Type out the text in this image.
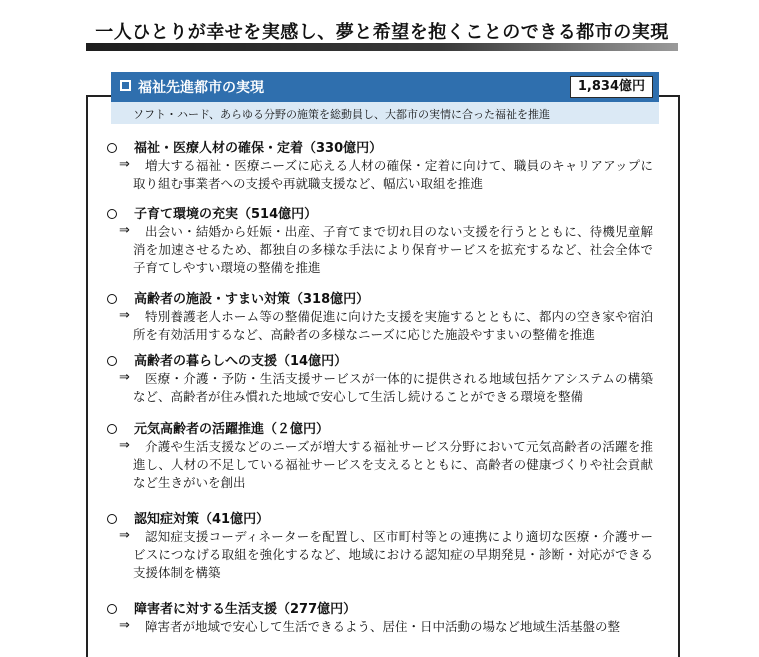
一人ひとりが幸せを実感し、夢と希望を抱くことのできる都市の実現
福祉先進都市の実現	1,834億円
ソフト・ハード、あらゆる分野の施策を総動員し、大都市の実情に合った福祉を推進
福祉・医療人材の確保・定着（330億円）
⇒	増大する福祉・医療ニーズに応える人材の確保・定着に向けて、職員のキャリアアップに取り組む事業者への支援や再就職支援など、幅広い取組を推進
子育て環境の充実（514億円）
⇒	出会い・結婚から妊娠・出産、子育てまで切れ目のない支援を行うとともに、待機児童解消を加速させるため、都独自の多様な手法により保育サービスを拡充するなど、社会全体で子育てしやすい環境の整備を推進
高齢者の施設・すまい対策（318億円）
⇒	特別養護老人ホーム等の整備促進に向けた支援を実施するとともに、都内の空き家や宿泊所を有効活用するなど、高齢者の多様なニーズに応じた施設やすまいの整備を推進
高齢者の暮らしへの支援（14億円）
⇒	医療・介護・予防・生活支援サービスが一体的に提供される地域包括ケアシステムの構築など、高齢者が住み慣れた地域で安心して生活し続けることができる環境を整備
元気高齢者の活躍推進（２億円）
⇒	介護や生活支援などのニーズが増大する福祉サービス分野において元気高齢者の活躍を推進し、人材の不足している福祉サービスを支えるとともに、高齢者の健康づくりや社会貢献など生きがいを創出
認知症対策（41億円）
⇒	認知症支援コーディネーターを配置し、区市町村等との連携により適切な医療・介護サービスにつなげる取組を強化するなど、地域における認知症の早期発見・診断・対応ができる支援体制を構築
障害者に対する生活支援（277億円）
⇒	障害者が地域で安心して生活できるよう、居住・日中活動の場など地域生活基盤の整
